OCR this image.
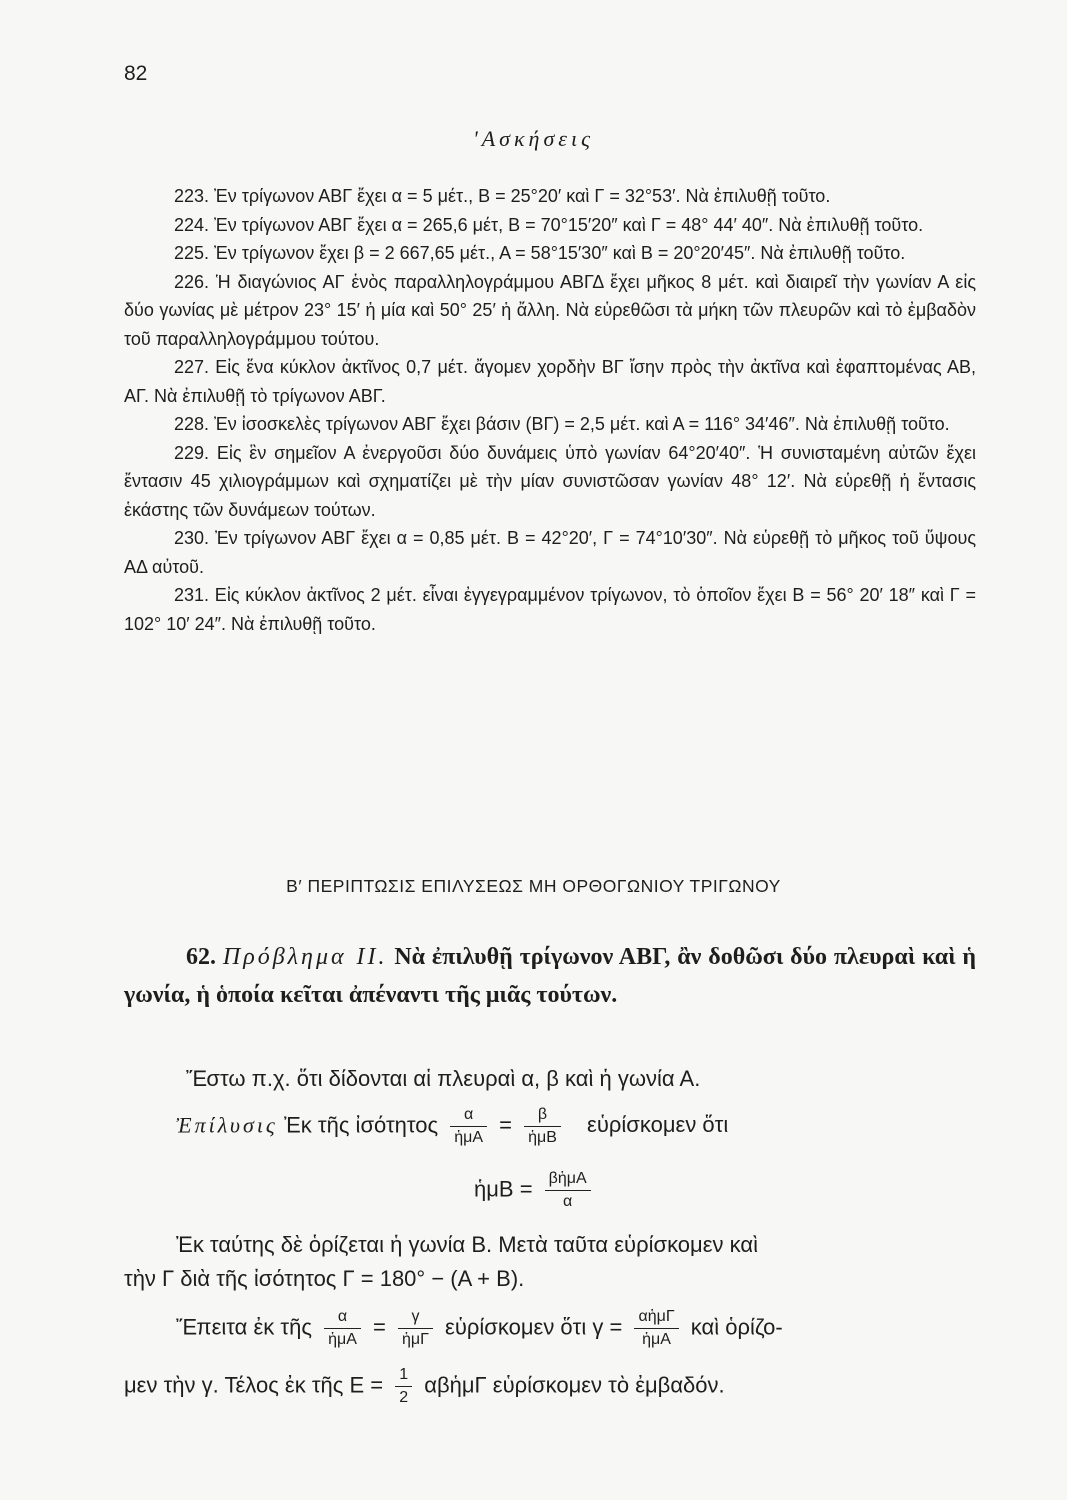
82
'Ασκήσεις

223. Ἐν τρίγωνον ΑΒΓ ἔχει α = 5 μέτ., Β = 25°20′ καὶ Γ = 32°53′. Νὰ ἐπιλυθῇ τοῦτο.

224. Ἐν τρίγωνον ΑΒΓ ἔχει α = 265,6 μέτ, Β = 70°15′20″ καὶ Γ = 48° 44′ 40″. Νὰ ἐπιλυθῇ τοῦτο.

225. Ἐν τρίγωνον ἔχει β = 2 667,65 μέτ., Α = 58°15′30″ καὶ Β = 20°20′45″. Νὰ ἐπιλυθῇ τοῦτο.

226. Ἡ διαγώνιος ΑΓ ἑνὸς παραλληλογράμμου ΑΒΓΔ ἔχει μῆκος 8 μέτ. καὶ διαιρεῖ τὴν γωνίαν Α εἰς δύο γωνίας μὲ μέτρον 23° 15′ ἡ μία καὶ 50° 25′ ἡ ἄλλη. Νὰ εὑρεθῶσι τὰ μήκη τῶν πλευρῶν καὶ τὸ ἐμβαδὸν τοῦ παραλληλογράμμου τούτου.

227. Εἰς ἕνα κύκλον ἀκτῖνος 0,7 μέτ. ἄγομεν χορδὴν ΒΓ ἴσην πρὸς τὴν ἀκτῖνα καὶ ἐφαπτομένας ΑΒ, ΑΓ. Νὰ ἐπιλυθῇ τὸ τρίγωνον ΑΒΓ.

228. Ἐν ἰσοσκελὲς τρίγωνον ΑΒΓ ἔχει βάσιν (ΒΓ) = 2,5 μέτ. καὶ Α = 116° 34′46″. Νὰ ἐπιλυθῇ τοῦτο.

229. Εἰς ἓν σημεῖον Α ἐνεργοῦσι δύο δυνάμεις ὑπὸ γωνίαν 64°20′40″. Ἡ συνισταμένη αὐτῶν ἔχει ἔντασιν 45 χιλιογράμμων καὶ σχηματίζει μὲ τὴν μίαν συνιστῶσαν γωνίαν 48° 12′. Νὰ εὑρεθῇ ἡ ἔντασις ἑκάστης τῶν δυνάμεων τούτων.

230. Ἐν τρίγωνον ΑΒΓ ἔχει α = 0,85 μέτ. Β = 42°20′, Γ = 74°10′30″. Νὰ εὑρεθῇ τὸ μῆκος τοῦ ὕψους ΑΔ αὐτοῦ.

231. Εἰς κύκλον ἀκτῖνος 2 μέτ. εἶναι ἐγγεγραμμένον τρίγωνον, τὸ ὁποῖον ἔχει Β = 56° 20′ 18″ καὶ Γ = 102° 10′ 24″. Νὰ ἐπιλυθῇ τοῦτο.

Β′ ΠΕΡΙΠΤΩΣΙΣ ΕΠΙΛΥΣΕΩΣ ΜΗ ΟΡΘΟΓΩΝΙΟΥ ΤΡΙΓΩΝΟΥ

62. Πρόβλημα ΙΙ. Νὰ ἐπιλυθῇ τρίγωνον ΑΒΓ, ἂν δοθῶσι δύο πλευραὶ καὶ ἡ γωνία, ἡ ὁποία κεῖται ἀπέναντι τῆς μιᾶς τούτων.

Ἔστω π.χ. ὅτι δίδονται αἱ πλευραὶ α, β καὶ ἡ γωνία Α.
Ἐπίλυσις Ἐκ τῆς ἰσότητος $\frac{\alpha}{\text{ἡμΑ}} = \frac{\beta}{\text{ἡμΒ}}$ εὑρίσκομεν ὅτι
ἡμΒ = $\frac{\text{βἡμΑ}}{\alpha}$
Ἐκ ταύτης δὲ ὁρίζεται ἡ γωνία Β. Μετὰ ταῦτα εὑρίσκομεν καὶ
τὴν Γ διὰ τῆς ἰσότητος Γ = 180° − (Α + Β).
Ἔπειτα ἐκ τῆς $\frac{\alpha}{\text{ἡμΑ}} = \frac{\gamma}{\text{ἡμΓ}}$ εὑρίσκομεν ὅτι $\gamma = \frac{\text{αἡμΓ}}{\text{ἡμΑ}}$ καὶ ὁρίζο-
μεν τὴν γ. Τέλος ἐκ τῆς $E = \frac{1}{2}$ αβἡμΓ εὑρίσκομεν τὸ ἐμβαδόν.
